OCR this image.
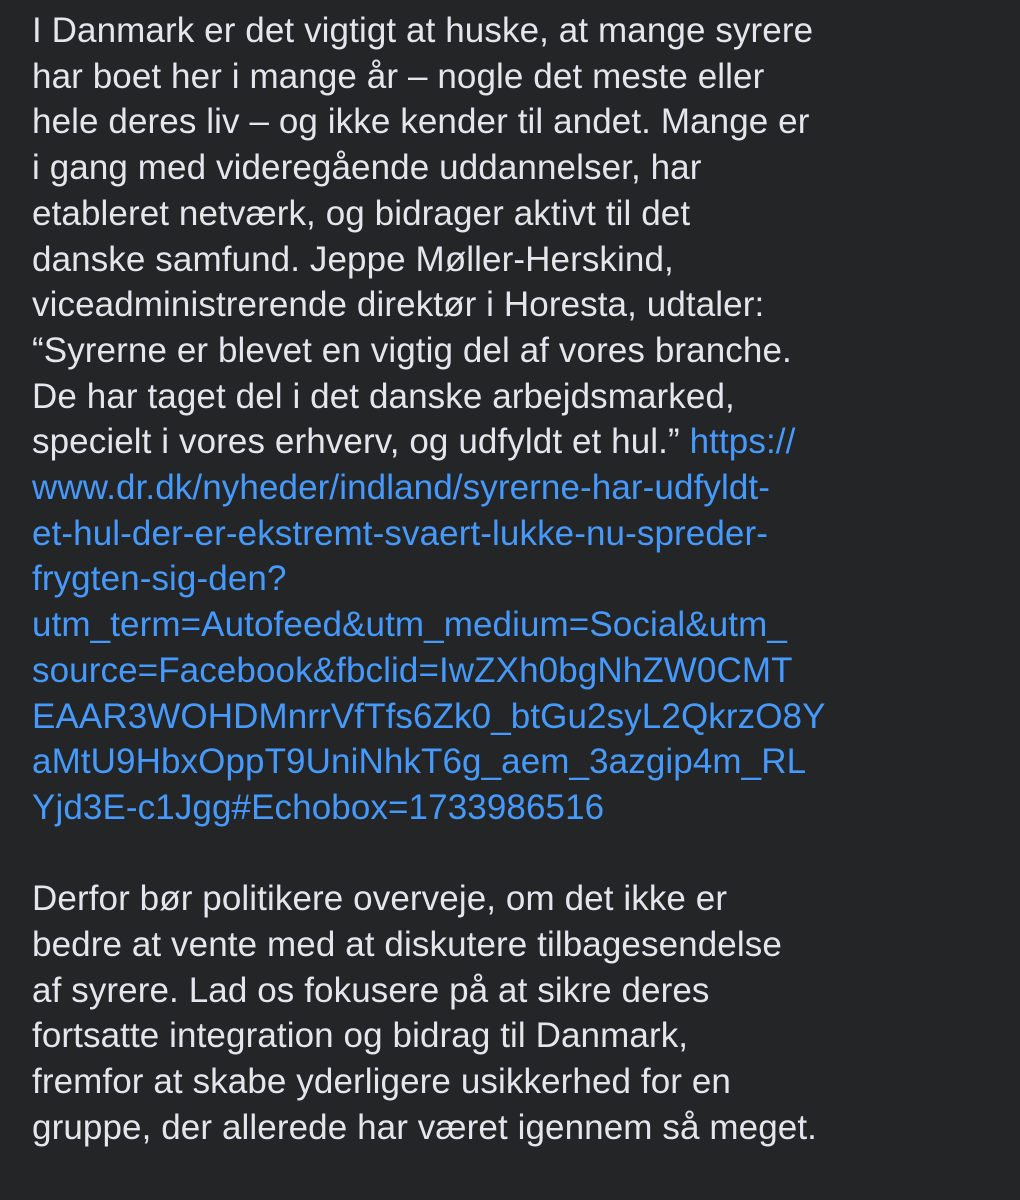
I Danmark er det vigtigt at huske, at mange syrere
har boet her i mange år – nogle det meste eller
hele deres liv – og ikke kender til andet. Mange er
i gang med videregående uddannelser, har
etableret netværk, og bidrager aktivt til det
danske samfund. Jeppe Møller-Herskind,
viceadministrerende direktør i Horesta, udtaler:
“Syrerne er blevet en vigtig del af vores branche.
De har taget del i det danske arbejdsmarked,
specielt i vores erhverv, og udfyldt et hul.” https://
www.dr.dk/nyheder/indland/syrerne-har-udfyldt-
et-hul-der-er-ekstremt-svaert-lukke-nu-spreder-
frygten-sig-den?
utm_term=Autofeed&utm_medium=Social&utm_
source=Facebook&fbclid=IwZXh0bgNhZW0CMT
EAAR3WOHDMnrrVfTfs6Zk0_btGu2syL2QkrzO8Y
aMtU9HbxOppT9UniNhkT6g_aem_3azgip4m_RL
Yjd3E-c1Jgg#Echobox=1733986516

Derfor bør politikere overveje, om det ikke er
bedre at vente med at diskutere tilbagesendelse
af syrere. Lad os fokusere på at sikre deres
fortsatte integration og bidrag til Danmark,
fremfor at skabe yderligere usikkerhed for en
gruppe, der allerede har været igennem så meget.
